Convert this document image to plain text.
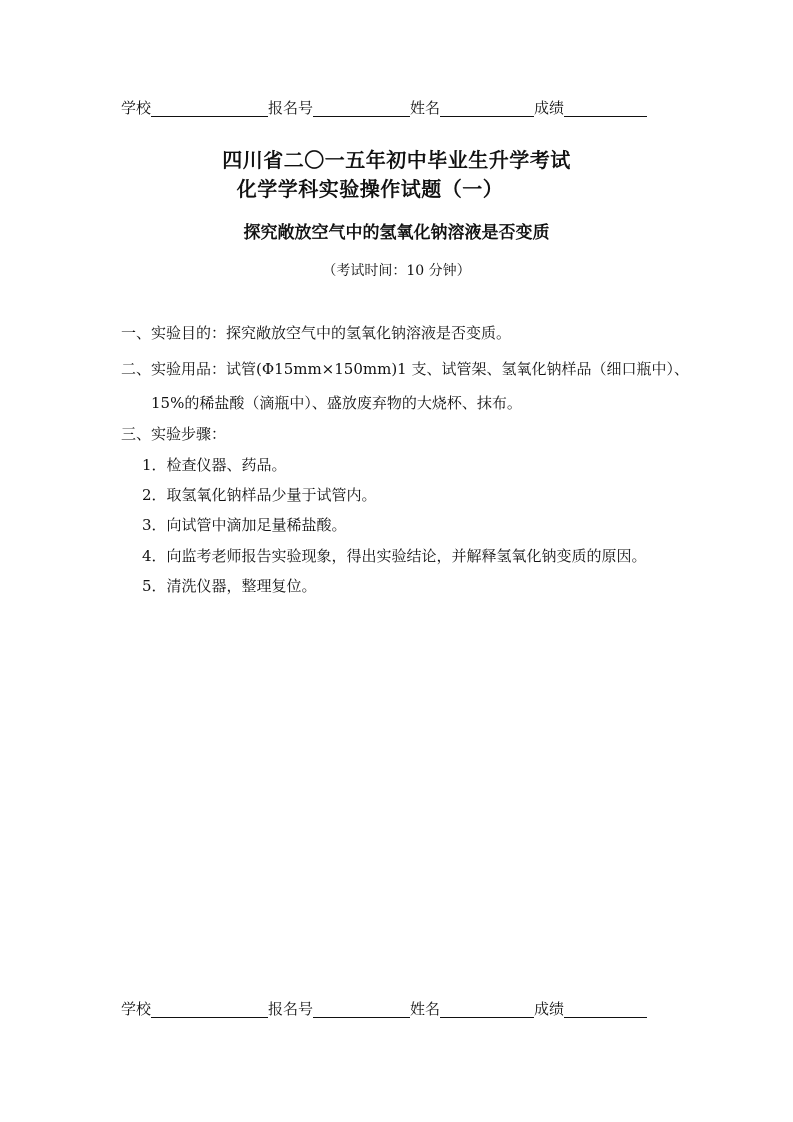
学校	报名号	姓名	成绩
四川省二〇一五年初中毕业生升学考试
化学学科实验操作试题（一）
探究敞放空气中的氢氧化钠溶液是否变质
（考试时间：10 分钟）
一、实验目的：探究敞放空气中的氢氧化钠溶液是否变质。
二、实验用品：试管(Φ15mm×150mm)1 支、试管架、氢氧化钠样品（细口瓶中）、
15%的稀盐酸（滴瓶中）、盛放废弃物的大烧杯、抹布。
三、实验步骤：
1．检查仪器、药品。
2．取氢氧化钠样品少量于试管内。
3．向试管中滴加足量稀盐酸。
4．向监考老师报告实验现象，得出实验结论，并解释氢氧化钠变质的原因。
5．清洗仪器，整理复位。
学校	报名号	姓名	成绩
